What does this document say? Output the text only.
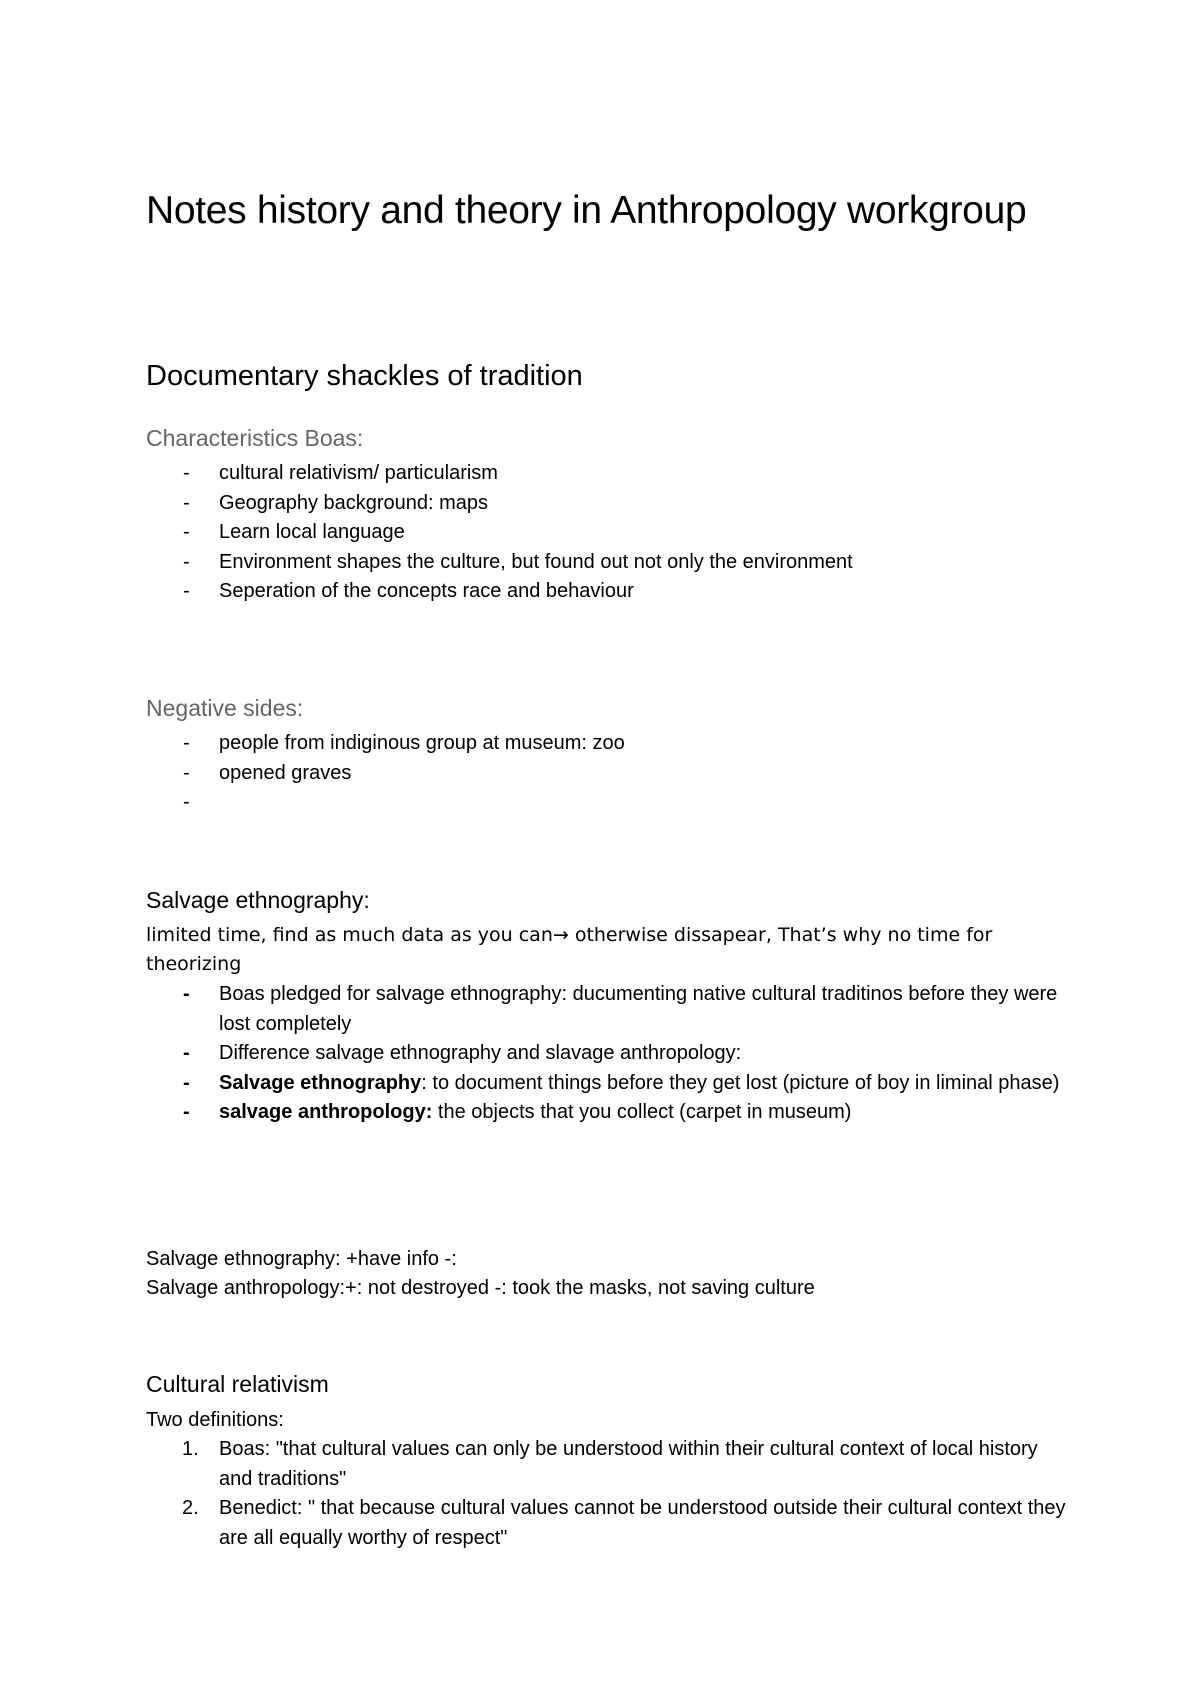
Notes history and theory in Anthropology workgroup
Documentary shackles of tradition

Characteristics Boas:

- cultural relativism/ particularism
- Geography background: maps
- Learn local language
- Environment shapes the culture, but found out not only the environment
- Seperation of the concepts race and behaviour

Negative sides:

- people from indiginous group at museum: zoo
- opened graves
-
Salvage ethnography:

limited time, find as much data as you can→ otherwise dissapear, That’s why no time for theorizing

- Boas pledged for salvage ethnography: ducumenting native cultural traditinos before they were lost completely
- Difference salvage ethnography and slavage anthropology:
- Salvage ethnography: to document things before they get lost (picture of boy in liminal phase)
- salvage anthropology: the objects that you collect (carpet in museum)

Salvage ethnography: +have info -:

Salvage anthropology:+: not destroyed -: took the masks, not saving culture

Cultural relativism

Two definitions:

1. Boas: "that cultural values can only be understood within their cultural context of local history and traditions"
2. Benedict: " that because cultural values cannot be understood outside their cultural context they are all equally worthy of respect"
